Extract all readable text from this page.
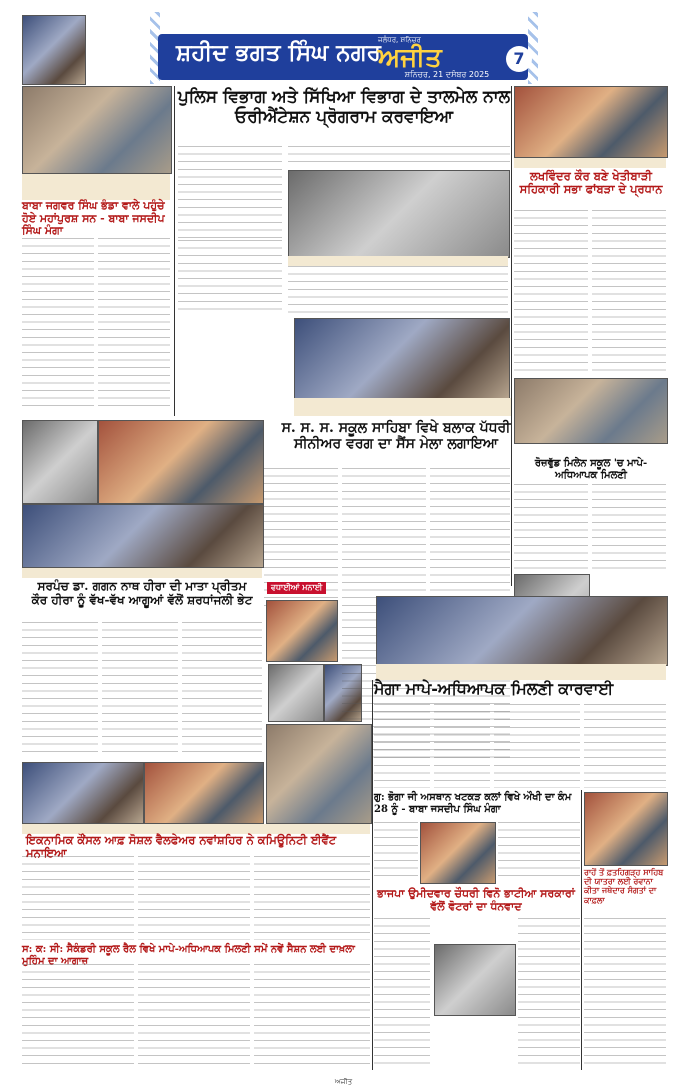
ਸ਼ਹੀਦ ਭਗਤ ਸਿੰਘ ਨਗਰ
ਜਲੰਧਰ, ਸ਼ਨਿਚਰ
ਅਜੀਤ
ਸ਼ਨਿਚਰ, 21 ਦਸੰਬਰ 2025
7
ਬਾਬਾ ਜਗਵਰ ਸਿੰਘ ਭੰਡਾ ਵਾਲੇ ਪਹੁੰਚੇ ਹੋਏ ਮਹਾਂਪੁਰਸ਼ ਸਨ - ਬਾਬਾ ਜਸਦੀਪ ਸਿੰਘ ਮੰਗਾ
ਪੁਲਿਸ ਵਿਭਾਗ ਅਤੇ ਸਿੱਖਿਆ ਵਿਭਾਗ ਦੇ ਤਾਲਮੇਲ ਨਾਲ ਓਰੀਐਂਟੇਸ਼ਨ ਪ੍ਰੋਗਰਾਮ ਕਰਵਾਇਆ
ਲਖਵਿੰਦਰ ਕੌਰ ਬਣੇ ਖੇਤੀਬਾੜੀ ਸਹਿਕਾਰੀ ਸਭਾ ਫਾਂਬੜਾ ਦੇ ਪ੍ਰਧਾਨ
ਸ. ਸ. ਸ. ਸਕੂਲ ਸਾਹਿਬਾ ਵਿਖੇ ਬਲਾਕ ਪੱਧਰੀ ਸੀਨੀਅਰ ਵਰਗ ਦਾ ਸੈਂਸ ਮੇਲਾ ਲਗਾਇਆ
ਸਰਪੰਚ ਡਾ. ਗਗਨ ਨਾਥ ਹੀਰਾ ਦੀ ਮਾਤਾ ਪ੍ਰੀਤਮ ਕੌਰ ਹੀਰਾ ਨੂੰ ਵੱਖ-ਵੱਖ ਆਗੂਆਂ ਵੱਲੋਂ ਸ਼ਰਧਾਂਜਲੀ ਭੇਟ
ਵਧਾਈਆਂ ਮਨਾਈ
ਰੋਜ਼ਵੁੱਡ ਮਿਲੇਨ ਸਕੂਲ 'ਚ ਮਾਪੇ-ਅਧਿਆਪਕ ਮਿਲਣੀ
ਮੈਗਾ ਮਾਪੇ-ਅਧਿਆਪਕ ਮਿਲਣੀ ਕਾਰਵਾਈ
ਗੁ: ਭੋਗਾ ਜੀ ਅਸਥਾਨ ਖਟਕੜ ਕਲਾਂ ਵਿਖੇ ਔਖੀ ਦਾ ਕੰਮ 28 ਨੂੰ - ਬਾਬਾ ਜਸਦੀਪ ਸਿੰਘ ਮੰਗਾ
ਇਕਨਾਮਿਕ ਕੌਂਸਲ ਆਫ਼ ਸੋਸ਼ਲ ਵੈਲਫੇਅਰ ਨਵਾਂਸ਼ਹਿਰ ਨੇ ਕਮਿਊਨਿਟੀ ਈਵੈਂਟ ਮਨਾਇਆ
ਭਾਜਪਾ ਉਮੀਦਵਾਰ ਚੌਧਰੀ ਵਿਨੋ ਭਾਟੀਆ ਸਰਕਾਰਾਂ ਵੱਲੋਂ ਵੋਟਰਾਂ ਦਾ ਧੰਨਵਾਦ
ਰਾਹੋਂ ਤੋਂ ਫ਼ਤਹਿਗੜ੍ਹ ਸਾਹਿਬ ਦੀ ਯਾਤਰਾ ਲਈ ਰਵਾਨਾ ਕੀਤਾ ਜਥੇਦਾਰ ਸੰਗਤਾਂ ਦਾ ਕਾਫ਼ਲਾ
ਸ: ਕ: ਸੀ: ਸੈਕੰਡਰੀ ਸਕੂਲ ਰੈਲ ਵਿਖੇ ਮਾਪੇ-ਅਧਿਆਪਕ ਮਿਲਣੀ ਸਮੇਂ ਨਵੇਂ ਸੈਸ਼ਨ ਲਈ ਦਾਖ਼ਲਾ ਮੁਹਿੰਮ ਦਾ ਆਗਾਜ਼
ਅਜੀਤ
